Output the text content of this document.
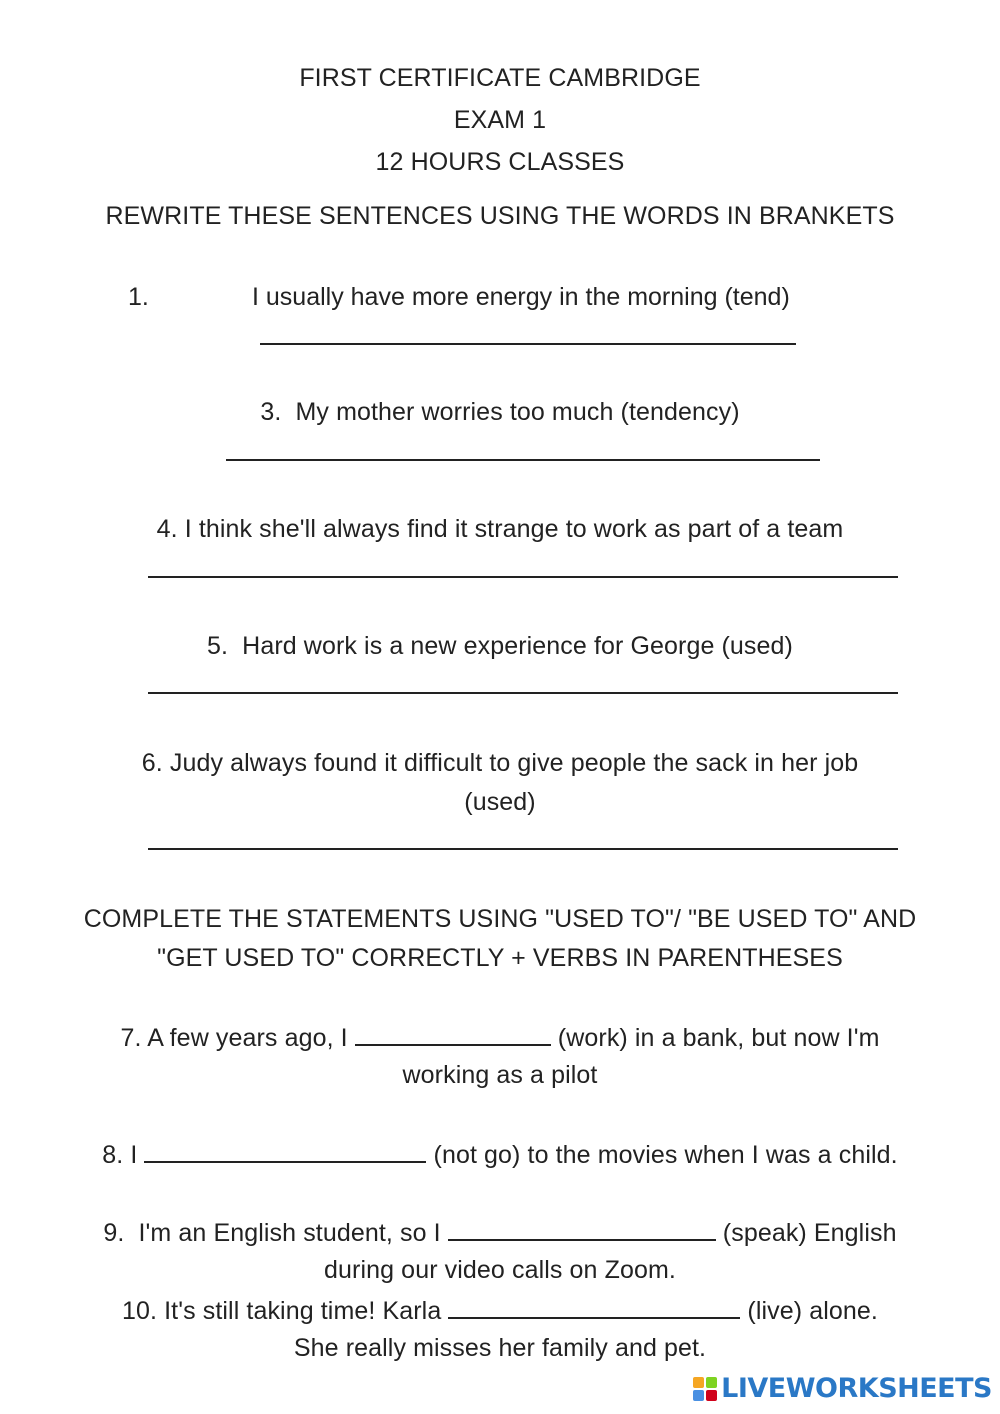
FIRST CERTIFICATE CAMBRIDGE
EXAM 1
12 HOURS CLASSES
REWRITE THESE SENTENCES USING THE WORDS IN BRANKETS
1.	I usually have more energy in the morning (tend)
3.  My mother worries too much (tendency)
4. I think she'll always find it strange to work as part of a team
5.  Hard work is a new experience for George (used)
6. Judy always found it difficult to give people the sack in her job
(used)
COMPLETE THE STATEMENTS USING "USED TO"/ "BE USED TO" AND
"GET USED TO" CORRECTLY + VERBS IN PARENTHESES
7. A few years ago, I	(work) in a bank, but now I'm
working as a pilot
8. I	(not go) to the movies when I was a child.
9.  I'm an English student, so I	(speak) English
during our video calls on Zoom.
10. It's still taking time! Karla	(live) alone.
She really misses her family and pet.
LIVEWORKSHEETS
